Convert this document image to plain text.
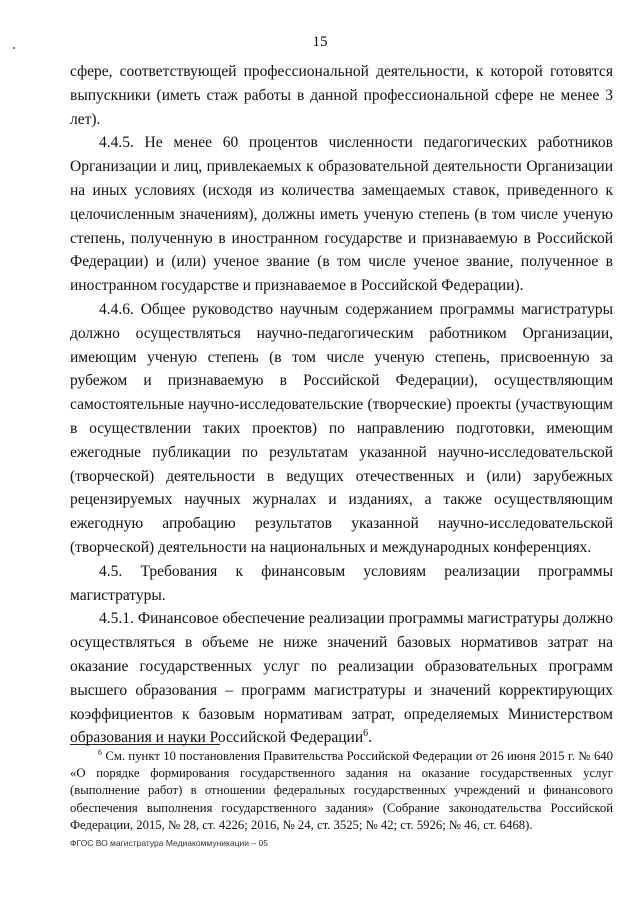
15

сфере, соответствующей профессиональной деятельности, к которой готовятся выпускники (иметь стаж работы в данной профессиональной сфере не менее 3 лет).

4.4.5. Не менее 60 процентов численности педагогических работников Организации и лиц, привлекаемых к образовательной деятельности Организации на иных условиях (исходя из количества замещаемых ставок, приведенного к целочисленным значениям), должны иметь ученую степень (в том числе ученую степень, полученную в иностранном государстве и признаваемую в Российской Федерации) и (или) ученое звание (в том числе ученое звание, полученное в иностранном государстве и признаваемое в Российской Федерации).

4.4.6. Общее руководство научным содержанием программы магистратуры должно осуществляться научно-педагогическим работником Организации, имеющим ученую степень (в том числе ученую степень, присвоенную за рубежом и признаваемую в Российской Федерации), осуществляющим самостоятельные научно-исследовательские (творческие) проекты (участвующим в осуществлении таких проектов) по направлению подготовки, имеющим ежегодные публикации по результатам указанной научно-исследовательской (творческой) деятельности в ведущих отечественных и (или) зарубежных рецензируемых научных журналах и изданиях, а также осуществляющим ежегодную апробацию результатов указанной научно-исследовательской (творческой) деятельности на национальных и международных конференциях.

4.5. Требования к финансовым условиям реализации программы магистратуры.

4.5.1. Финансовое обеспечение реализации программы магистратуры должно осуществляться в объеме не ниже значений базовых нормативов затрат на оказание государственных услуг по реализации образовательных программ высшего образования – программ магистратуры и значений корректирующих коэффициентов к базовым нормативам затрат, определяемых Министерством образования и науки Российской Федерации$^6$.

$^6$ См. пункт 10 постановления Правительства Российской Федерации от 26 июня 2015 г. № 640 «О порядке формирования государственного задания на оказание государственных услуг (выполнение работ) в отношении федеральных государственных учреждений и финансового обеспечения выполнения государственного задания» (Собрание законодательства Российской Федерации, 2015, № 28, ст. 4226; 2016, № 24, ст. 3525; № 42; ст. 5926; № 46, ст. 6468).
ФГОС ВО магистратура Медиакоммуникации – 05
